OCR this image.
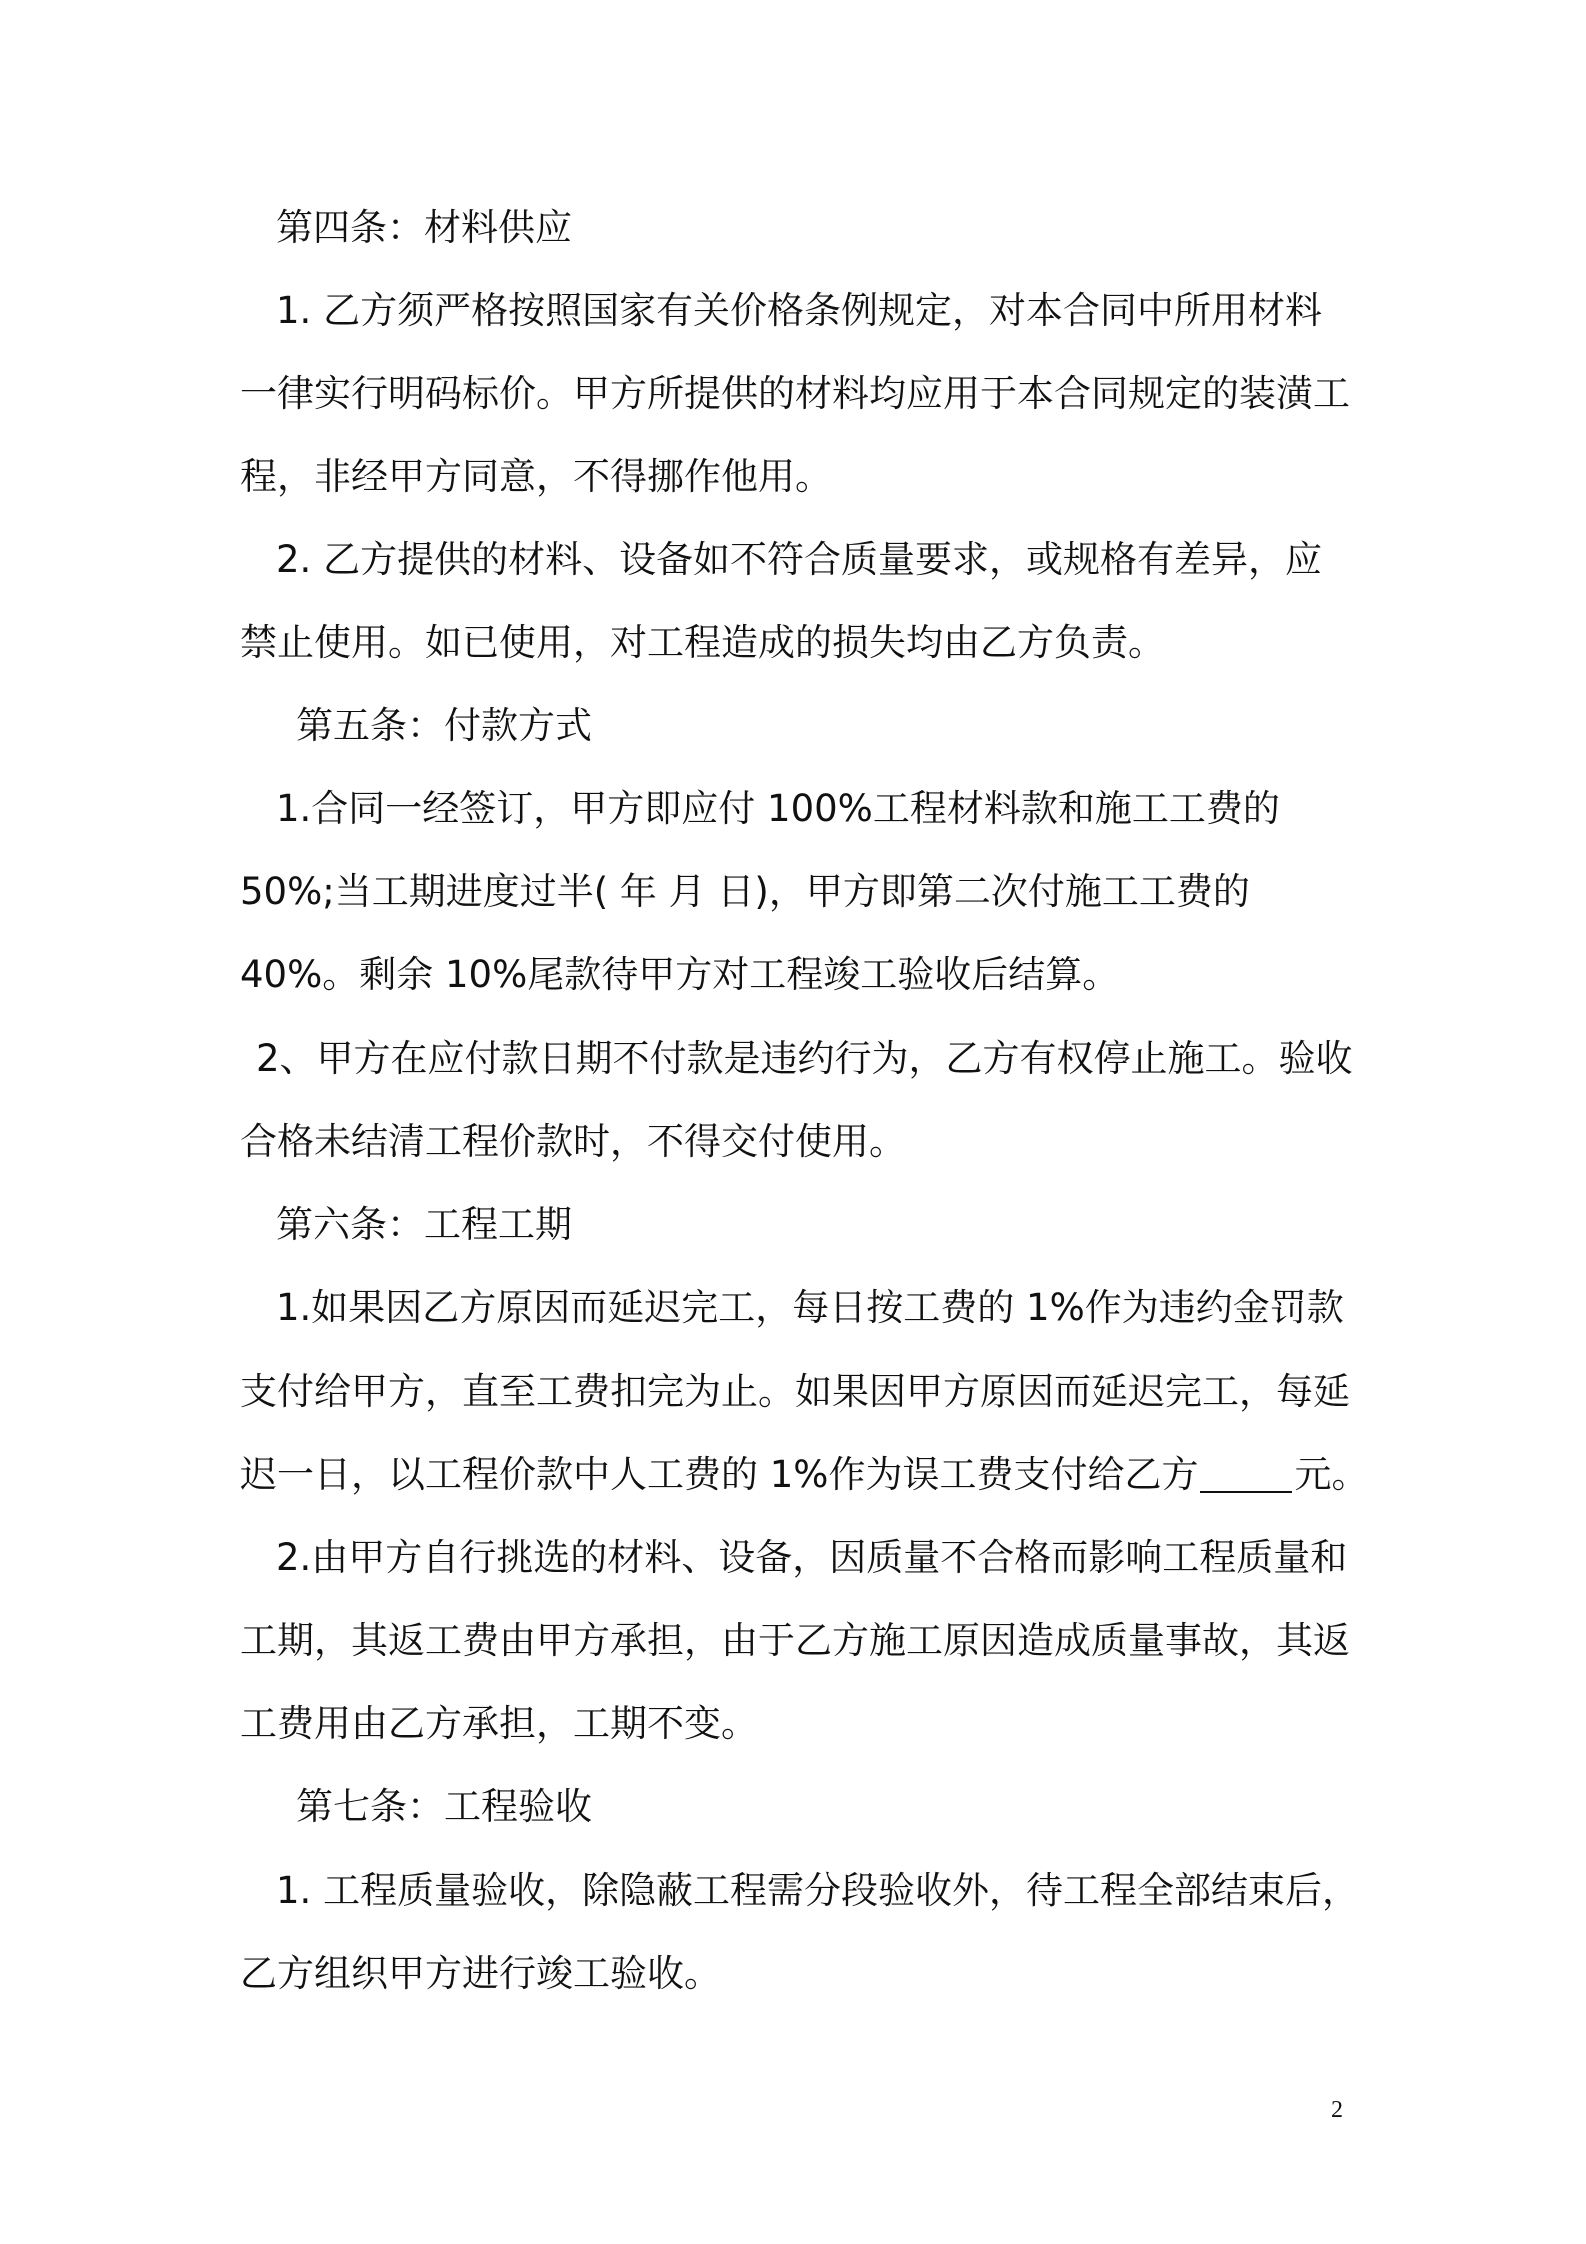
第四条：材料供应
1. 乙方须严格按照国家有关价格条例规定，对本合同中所用材料
一律实行明码标价。甲方所提供的材料均应用于本合同规定的装潢工
程，非经甲方同意，不得挪作他用。
2. 乙方提供的材料、设备如不符合质量要求，或规格有差异，应
禁止使用。如已使用，对工程造成的损失均由乙方负责。
第五条：付款方式
1.合同一经签订，甲方即应付 100%工程材料款和施工工费的
50%;当工期进度过半( 年 月 日)，甲方即第二次付施工工费的
40%。剩余 10%尾款待甲方对工程竣工验收后结算。
2、甲方在应付款日期不付款是违约行为，乙方有权停止施工。验收
合格未结清工程价款时，不得交付使用。
第六条：工程工期
1.如果因乙方原因而延迟完工，每日按工费的 1%作为违约金罚款
支付给甲方，直至工费扣完为止。如果因甲方原因而延迟完工，每延
迟一日，以工程价款中人工费的 1%作为误工费支付给乙方	元。
2.由甲方自行挑选的材料、设备，因质量不合格而影响工程质量和
工期，其返工费由甲方承担，由于乙方施工原因造成质量事故，其返
工费用由乙方承担，工期不变。
第七条：工程验收
1. 工程质量验收，除隐蔽工程需分段验收外，待工程全部结束后，
乙方组织甲方进行竣工验收。
2
